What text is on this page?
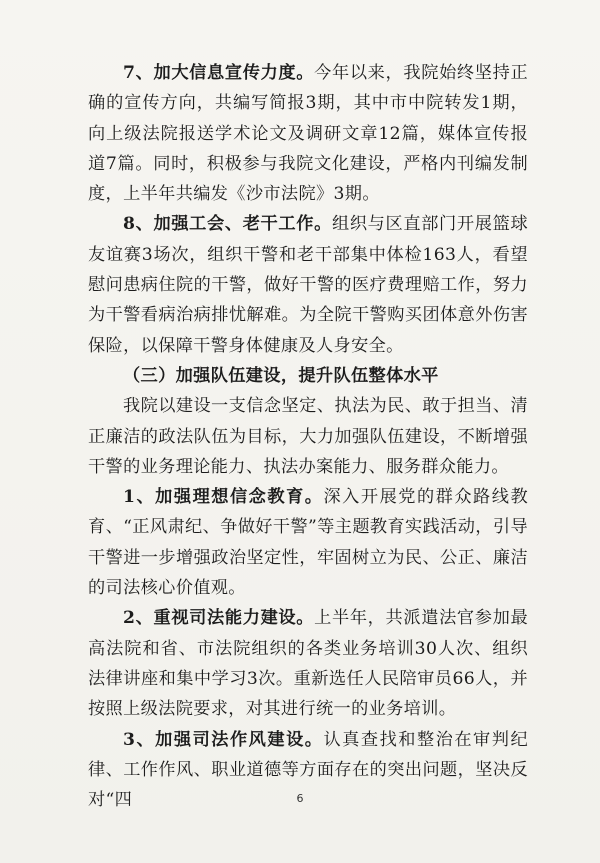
7、加大信息宣传力度。今年以来，我院始终坚持正确的宣传方向，共编写简报3期，其中市中院转发1期，向上级法院报送学术论文及调研文章12篇，媒体宣传报道7篇。同时，积极参与我院文化建设，严格内刊编发制度，上半年共编发《沙市法院》3期。

8、加强工会、老干工作。组织与区直部门开展篮球友谊赛3场次，组织干警和老干部集中体检163人，看望慰问患病住院的干警，做好干警的医疗费理赔工作，努力为干警看病治病排忧解难。为全院干警购买团体意外伤害保险，以保障干警身体健康及人身安全。

（三）加强队伍建设，提升队伍整体水平

我院以建设一支信念坚定、执法为民、敢于担当、清正廉洁的政法队伍为目标，大力加强队伍建设，不断增强干警的业务理论能力、执法办案能力、服务群众能力。

1、加强理想信念教育。深入开展党的群众路线教育、“正风肃纪、争做好干警”等主题教育实践活动，引导干警进一步增强政治坚定性，牢固树立为民、公正、廉洁的司法核心价值观。

2、重视司法能力建设。上半年，共派遣法官参加最高法院和省、市法院组织的各类业务培训30人次、组织法律讲座和集中学习3次。重新选任人民陪审员66人，并按照上级法院要求，对其进行统一的业务培训。

3、加强司法作风建设。认真查找和整治在审判纪律、工作作风、职业道德等方面存在的突出问题，坚决反对“四	6
